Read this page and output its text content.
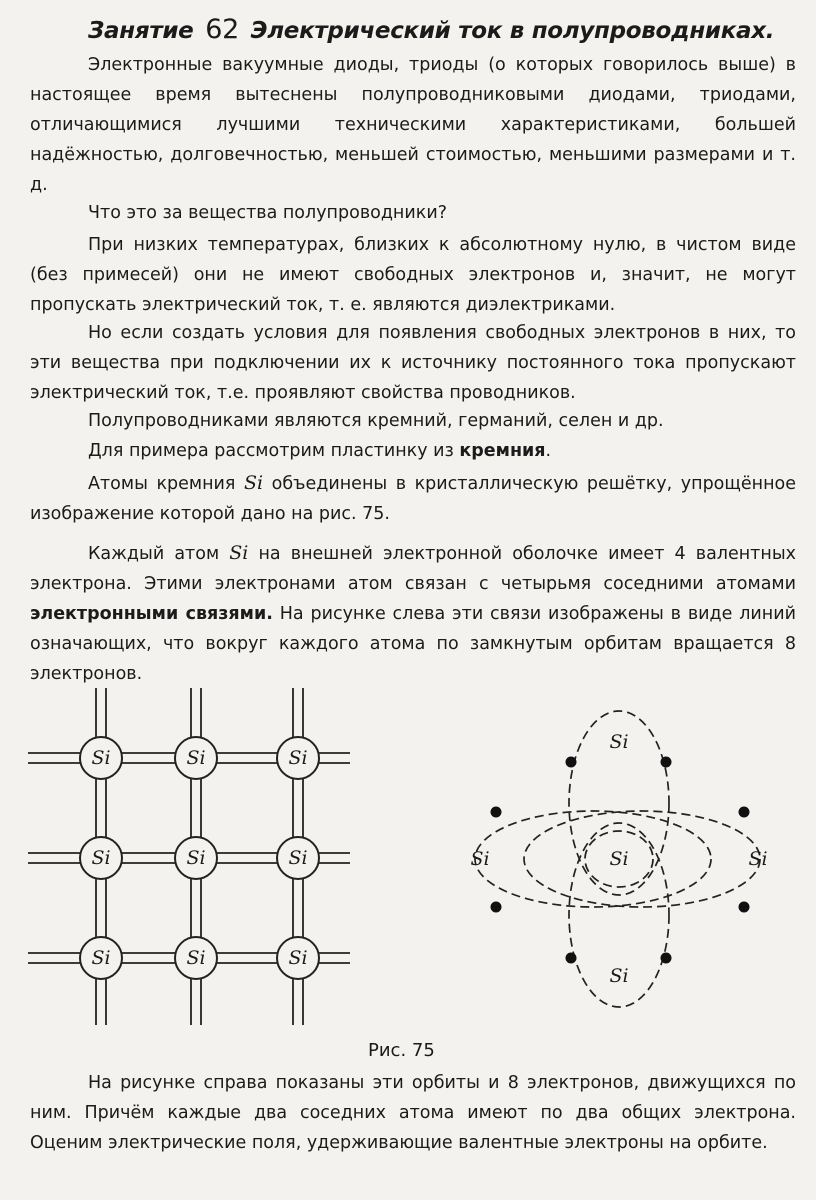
Занятие 62 Электрический ток в полупроводниках.

Электронные вакуумные диоды, триоды (о которых говорилось выше) в настоящее время вытеснены полупроводниковыми диодами, триодами, отличающимися лучшими техническими характеристиками, большей надёжностью, долговечностью, меньшей стоимостью, меньшими размерами и т. д.

Что это за вещества полупроводники?

При низких температурах, близких к абсолютному нулю, в чистом виде (без примесей) они не имеют свободных электронов и, значит, не могут пропускать электрический ток, т. е. являются диэлектриками.

Но если создать условия для появления свободных электронов в них, то эти вещества при подключении их к источнику постоянного тока пропускают электрический ток, т.е. проявляют свойства проводников.

Полупроводниками являются кремний, германий, селен и др.

Для примера рассмотрим пластинку из кремния.

Атомы кремния Si объединены в кристаллическую решётку, упрощённое изображение которой дано на рис. 75.

Каждый атом Si на внешней электронной оболочке имеет 4 валентных электрона. Этими электронами атом связан с четырьмя соседними атомами электронными связями. На рисунке слева эти связи изображены в виде линий означающих, что вокруг каждого атома по замкнутым орбитам вращается 8 электронов.

Si	Si	Si
Si	Si	Si
Si	Si	Si
Si
Si	Si	Si
Si

Рис. 75

На рисунке справа показаны эти орбиты и 8 электронов, движущихся по ним. Причём каждые два соседних атома имеют по два общих электрона. Оценим электрические поля, удерживающие валентные электроны на орбите.
